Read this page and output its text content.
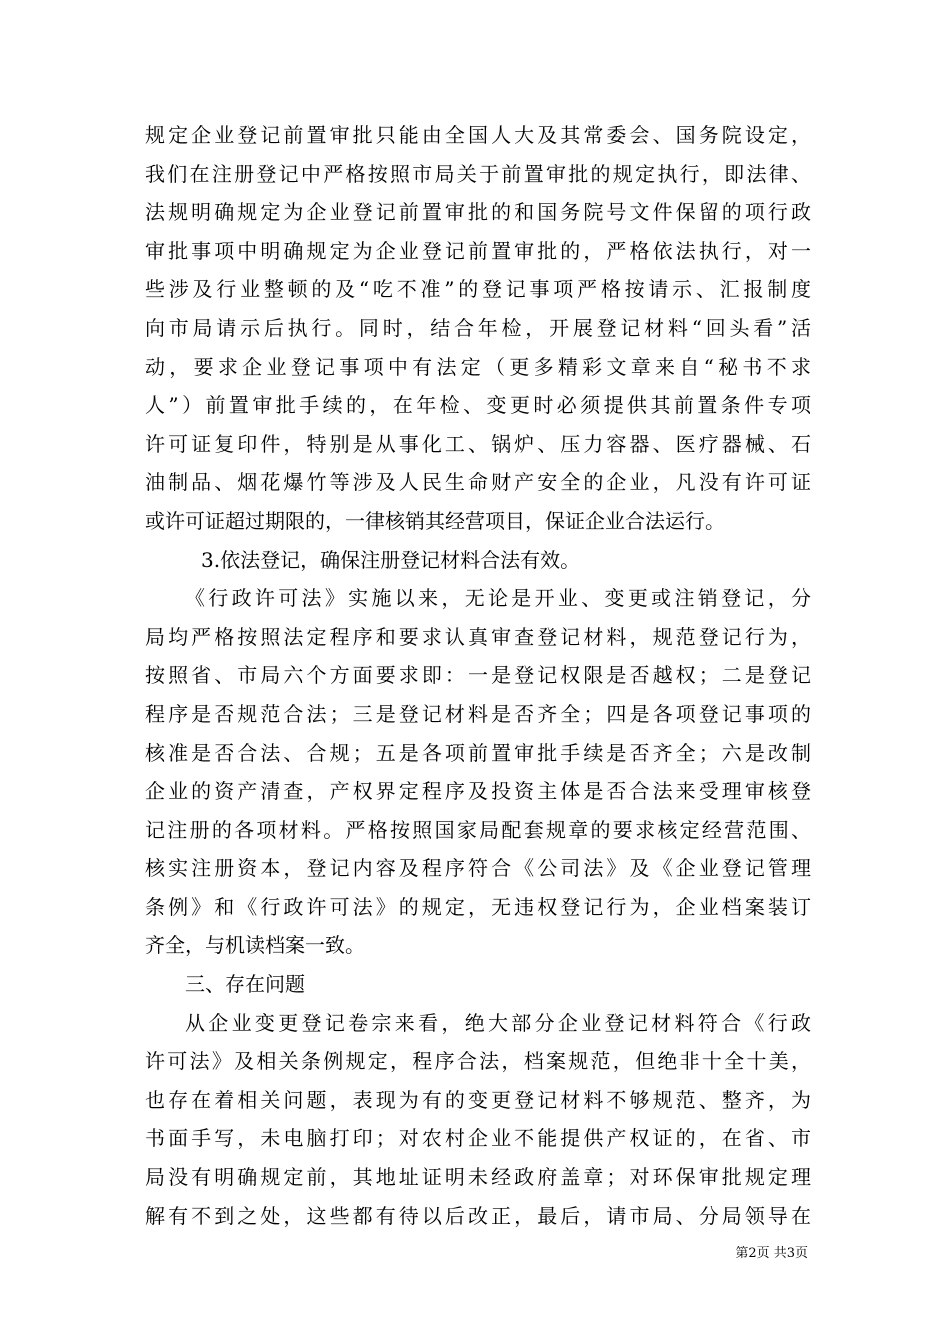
规定企业登记前置审批只能由全国人大及其常委会、国务院设定，
我们在注册登记中严格按照市局关于前置审批的规定执行，即法律、
法规明确规定为企业登记前置审批的和国务院号文件保留的项行政
审批事项中明确规定为企业登记前置审批的，严格依法执行，对一
些涉及行业整顿的及“吃不准”的登记事项严格按请示、汇报制度
向市局请示后执行。同时，结合年检，开展登记材料“回头看”活
动，要求企业登记事项中有法定（更多精彩文章来自“秘书不求
人”）前置审批手续的，在年检、变更时必须提供其前置条件专项
许可证复印件，特别是从事化工、锅炉、压力容器、医疗器械、石
油制品、烟花爆竹等涉及人民生命财产安全的企业，凡没有许可证
或许可证超过期限的，一律核销其经营项目，保证企业合法运行。
3.依法登记，确保注册登记材料合法有效。
《行政许可法》实施以来，无论是开业、变更或注销登记，分
局均严格按照法定程序和要求认真审查登记材料，规范登记行为，
按照省、市局六个方面要求即：一是登记权限是否越权；二是登记
程序是否规范合法；三是登记材料是否齐全；四是各项登记事项的
核准是否合法、合规；五是各项前置审批手续是否齐全；六是改制
企业的资产清查，产权界定程序及投资主体是否合法来受理审核登
记注册的各项材料。严格按照国家局配套规章的要求核定经营范围、
核实注册资本，登记内容及程序符合《公司法》及《企业登记管理
条例》和《行政许可法》的规定，无违权登记行为，企业档案装订
齐全，与机读档案一致。
三、存在问题
从企业变更登记卷宗来看，绝大部分企业登记材料符合《行政
许可法》及相关条例规定，程序合法，档案规范，但绝非十全十美，
也存在着相关问题，表现为有的变更登记材料不够规范、整齐，为
书面手写，未电脑打印；对农村企业不能提供产权证的，在省、市
局没有明确规定前，其地址证明未经政府盖章；对环保审批规定理
解有不到之处，这些都有待以后改正，最后，请市局、分局领导在
第2页 共3页
